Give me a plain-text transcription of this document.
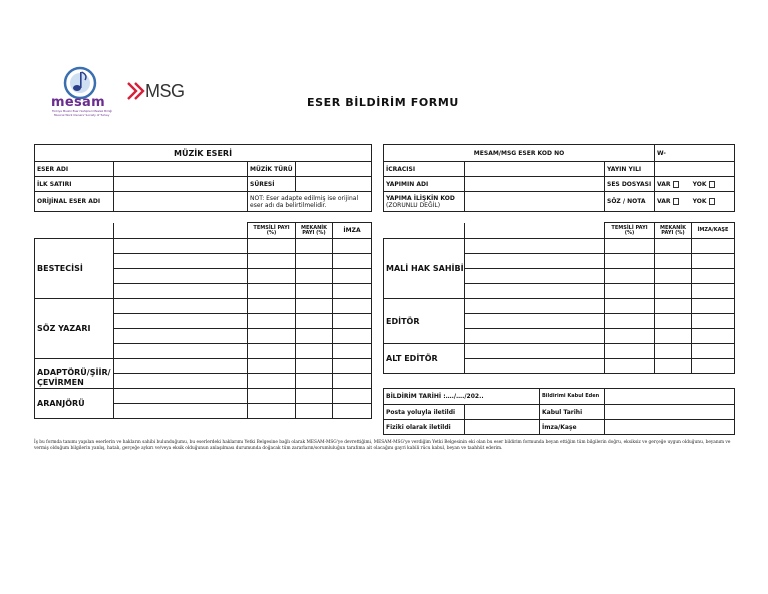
mesam
Türkiye Musiki Eseri Sahipleri Meslek Birliği
Musical Work Owners' Society of Turkey
MSG
ESER BİLDİRİM FORMU
MÜZİK ESERİ			
ESER ADI		MÜZİK TÜRÜ	
İLK SATIRI		SÜRESİ	
ORİJİNAL ESER ADI		NOT: Eser adapte edilmiş ise orijinal eser adı da belirtilmelidir.	
MESAM/MSG ESER KOD NO			W-
İCRACISI		YAYIN YILI	
YAPIMIN ADI		SES DOSYASI	VAR YOK
YAPIMA İLİŞKİN KOD
(ZORUNLU DEĞİL)		SÖZ / NOTA	VAR YOK
		TEMSİLİ PAYI (%)	MEKANİK PAYI (%)	İMZA
BESTECİSİ				

SÖZ YAZARI				

ADAPTÖRÜ/ŞİİR/ ÇEVİRMEN				

ARANJÖRÜ				

		TEMSİLİ PAYI (%)	MEKANİK PAYI (%)	İMZA/KAŞE
MALİ HAK SAHİBİ				

EDİTÖR				

ALT EDİTÖR				

BİLDİRİM TARİHİ :…./…./202..		Bildirimi Kabul Eden	
Posta yoluyla iletildi		Kabul Tarihi	
Fiziki olarak iletildi		İmza/Kaşe	
İş bu formda tanımı yapılan eserlerin ve hakların sahibi bulunduğumu, bu eserlerdeki haklarımı Yetki Belgesine bağlı olarak MESAM-MSG'ye devrettiğimi, MESAM-MSG'ye verdiğim Yetki Belgesinin eki olan bu eser bildirim formunda beyan ettiğim tüm bilgilerin doğru, eksiksiz ve gerçeğe uygun olduğunu, beyanım ve vermiş olduğum bilgilerin yanlış, hatalı, gerçeğe aykırı ve/veya eksik olduğunun anlaşılması durumunda doğacak tüm zararların/sorumluluğun tarafıma ait olacağını gayri kabili rücu kabul, beyan ve taahhüt ederim.
